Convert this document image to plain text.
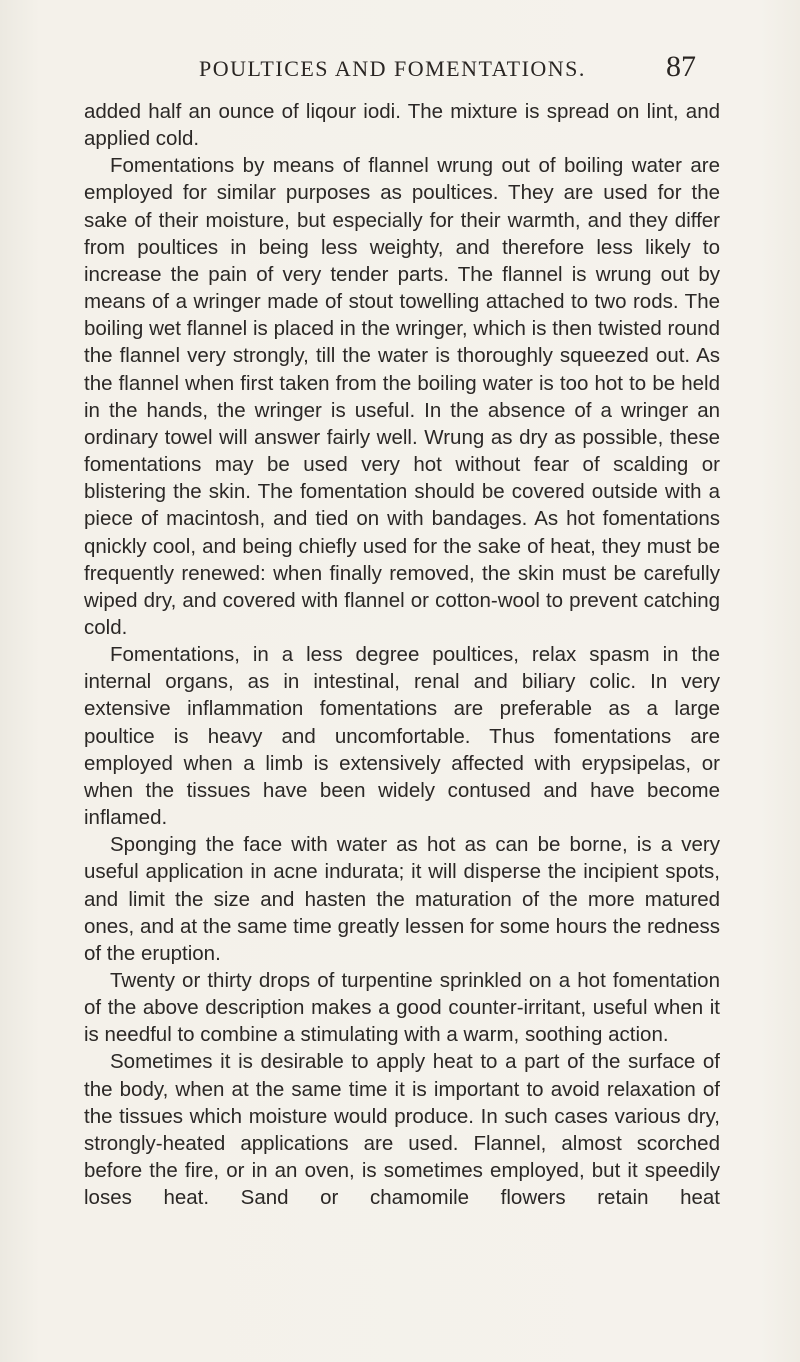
POULTICES AND FOMENTATIONS.	87

added half an ounce of liqour iodi. The mixture is spread on lint, and applied cold.

Fomentations by means of flannel wrung out of boiling water are employed for similar purposes as poultices. They are used for the sake of their moisture, but especially for their warmth, and they differ from poultices in being less weighty, and therefore less likely to increase the pain of very tender parts. The flannel is wrung out by means of a wringer made of stout towelling attached to two rods. The boiling wet flannel is placed in the wringer, which is then twisted round the flannel very strongly, till the water is thoroughly squeezed out. As the flannel when first taken from the boiling water is too hot to be held in the hands, the wringer is useful. In the absence of a wringer an ordinary towel will answer fairly well. Wrung as dry as possible, these fomentations may be used very hot without fear of scalding or blistering the skin. The fomentation should be covered outside with a piece of macintosh, and tied on with bandages. As hot fomentations qnickly cool, and being chiefly used for the sake of heat, they must be frequently renewed: when finally removed, the skin must be carefully wiped dry, and covered with flannel or cotton-wool to prevent catching cold.

Fomentations, in a less degree poultices, relax spasm in the internal organs, as in intestinal, renal and biliary colic. In very extensive inflammation fomentations are preferable as a large poultice is heavy and uncomfortable. Thus fomentations are employed when a limb is extensively affected with erypsipelas, or when the tissues have been widely contused and have become inflamed.

Sponging the face with water as hot as can be borne, is a very useful application in acne indurata; it will disperse the incipient spots, and limit the size and hasten the maturation of the more matured ones, and at the same time greatly lessen for some hours the redness of the eruption.

Twenty or thirty drops of turpentine sprinkled on a hot fomentation of the above description makes a good counter-irritant, useful when it is needful to combine a stimulating with a warm, soothing action.

Sometimes it is desirable to apply heat to a part of the surface of the body, when at the same time it is important to avoid relaxation of the tissues which moisture would produce. In such cases various dry, strongly-heated applications are used. Flannel, almost scorched before the fire, or in an oven, is sometimes employed, but it speedily loses heat. Sand or chamomile flowers retain heat
